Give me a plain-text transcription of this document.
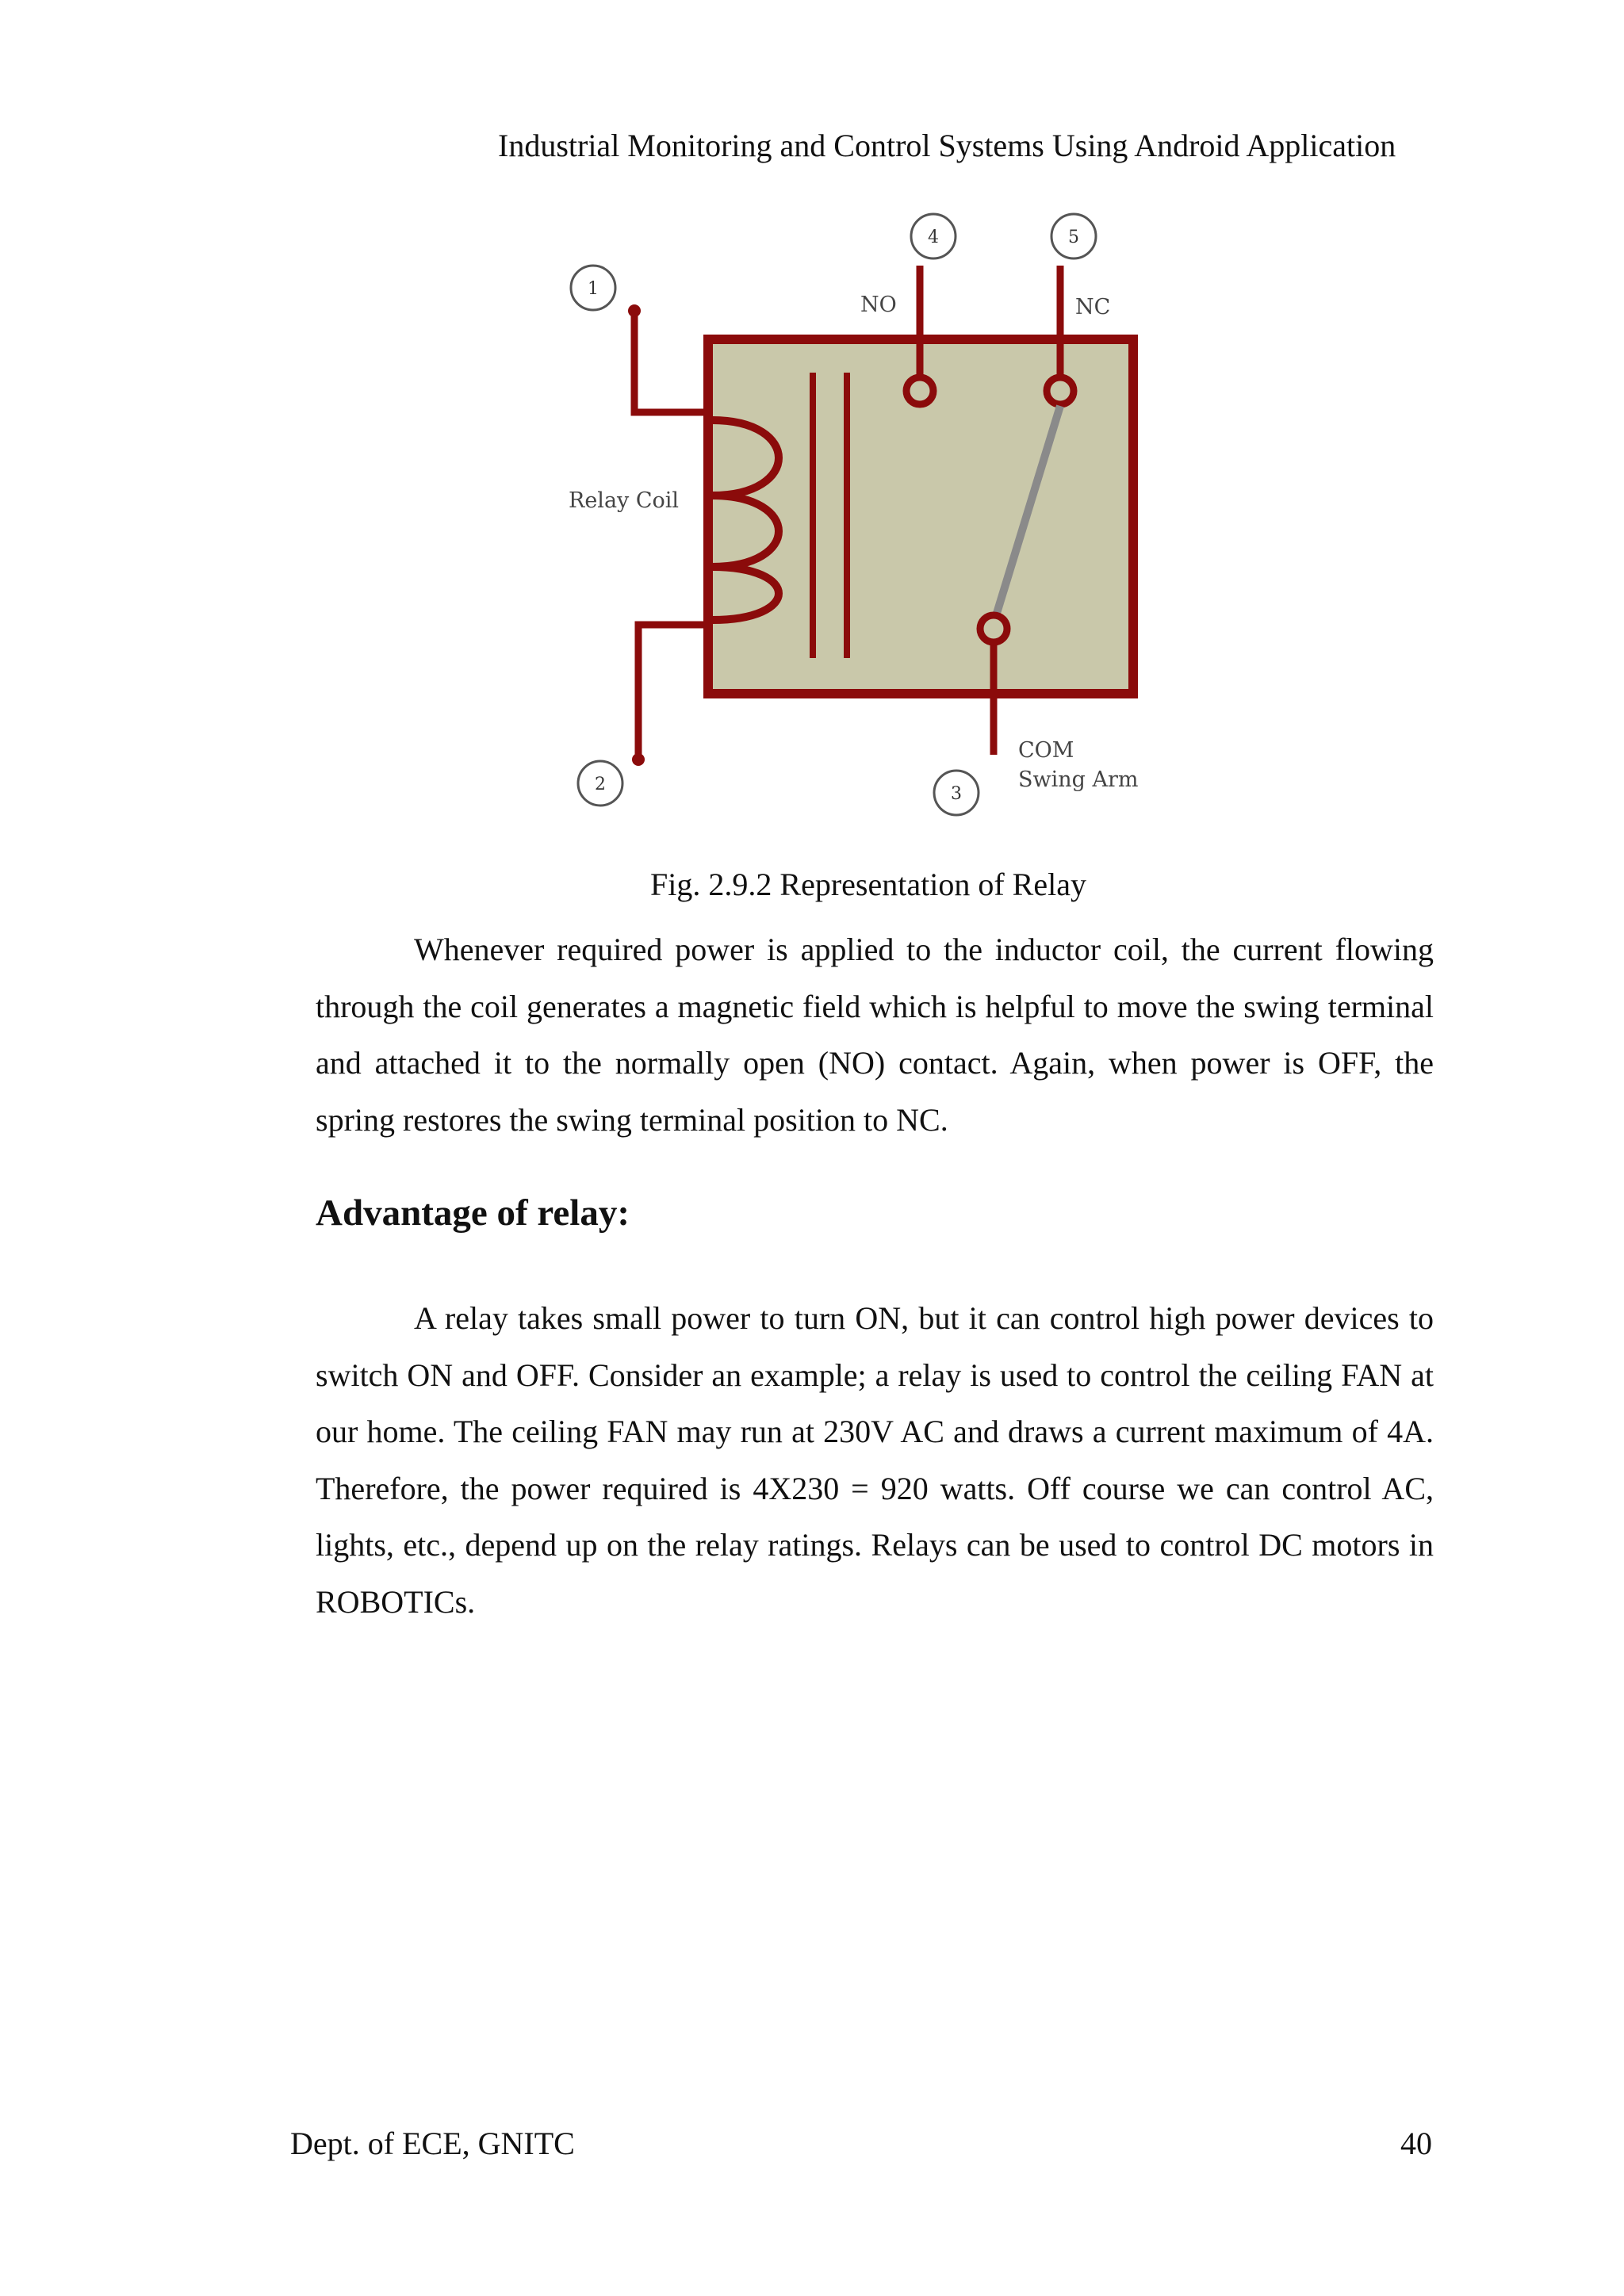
Industrial Monitoring and Control Systems Using Android Application
1
2	3
4	5
NO	NC
Relay Coil
COM
Swing Arm
Fig. 2.9.2 Representation of Relay

Whenever required power is applied to the inductor coil, the current flowing through the coil generates a magnetic field which is helpful to move the swing terminal and attached it to the normally open (NO) contact. Again, when power is OFF, the spring restores the swing terminal position to NC.

Advantage of relay:

A relay takes small power to turn ON, but it can control high power devices to switch ON and OFF. Consider an example; a relay is used to control the ceiling FAN at our home. The ceiling FAN may run at 230V AC and draws a current maximum of 4A. Therefore, the power required is 4X230 = 920 watts. Off course we can control AC, lights, etc., depend up on the relay ratings. Relays can be used to control DC motors in ROBOTICs.

Dept. of ECE, GNITC	40
